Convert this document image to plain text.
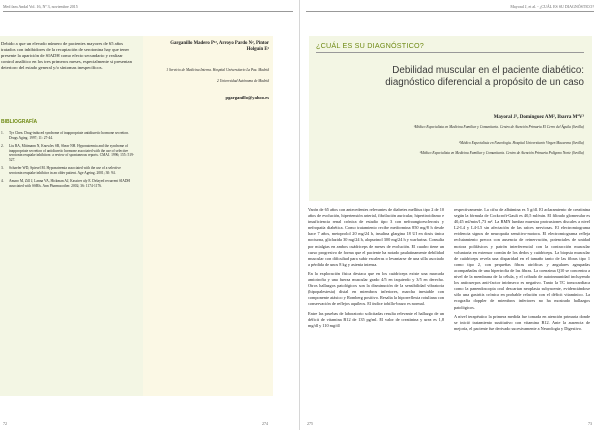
Med fam Andal Vol. 16, Nº 3, noviembre 2015
Debido a que un elevado número de pacientes mayores de 65 años tratados con inhibidores de la recaptación de serotonina hay que tener presente la aparición de SIADH como efecto secundario y realizar control analítico en los tres primeros meses, especialmente si presentan deterioro del estado general y/o síntomas inespecíficos.
BIBLIOGRAFÍA
1. Tyr Chen. Drug-induced syndrome of inappropriate antidiuretic hormone secretion. Drugs Aging. 1997; 11: 27-44.
2. Liu BA, Mittmann N, Knowles SR, Shear NH. Hyponatremia and the syndrome of inappropriate secretion of antidiuretic hormone associated with the use of selective serotonin reuptake inhibitors: a review of spontaneous reports. CMAJ. 1996; 155: 519-527.
3. Schaefer WD, Spiesel M. Hyponatremia associated with the use of a selective serotonin reuptake inhibitor in an older patient. Age Ageing. 2001; 30: 94.
4. Amaro M, Zill J, Lanna VA, Hickman AJ, Kassirer aly E. Delayed recurrent SIADH associated with SSRIs. Ann Pharmacother. 2002; 36: 1174-1176.
Garganillo Madero P¹², Arroyo Pardo N², Pintor Holguín E³
1 Servicio de Medicina Interna. Hospital Universitario La Paz. Madrid
2 Universidad Autónoma de Madrid
pgarganillo@yahoo.es
72	274
Mayoral J, et al. - ¿CUÁL ES SU DIAGNÓSTICO?
¿CUÁL ES SU DIAGNÓSTICO?
Debilidad muscular en el paciente diabético: diagnóstico diferencial a propósito de un caso
Mayoral J¹, Domínguez AM², Ibarra MªV³
¹Médico Especialista en Medicina Familiar y Comunitaria. Centro de Atención Primaria El Cerro del Águila (Sevilla)
²Médico Especialista en Neurología. Hospital Universitario Virgen Macarena (Sevilla)
³Médico Especialista en Medicina Familiar y Comunitaria. Centro de Atención Primaria Polígono Norte (Sevilla)

Varón de 65 años con antecedentes relevantes de diabetes mellitus tipo 2 de 10 años de evolución, hipertensión arterial, fibrilación auricular, hipertiroidismo e insuficiencia renal crónica de estadio tipo 3 con nefroangioesclerosis y nefropatía diabética. Como tratamiento recibe metformina 850 mg/8 h desde hace 7 años, metoprolol 20 mg/24 h, insulina glargina 18 UI en dosis única nocturna, gliclazida 30 mg/24 h, alopurinol 300 mg/24 h y warfarina. Consulta por mialgias en ambos cuádriceps de meses de evolución. El cuadro tiene un curso progresivo de forma que el paciente ha notado paulatinamente debilidad muscular con dificultad para subir escaleras o levantarse de una silla asociado a pérdida de unos 8 kg y astenia intensa.

En la exploración física destaca que en los cuádriceps existe una marcada amiotrofia y una fuerza muscular grado 4/5 en izquierdo y 3/5 en derecho. Otros hallazgos patológicos son la disminución de la sensibilidad vibratoria (hipopalestesia) distal en miembros inferiores, marcha inestable con componente atáxico y Romberg positivo. Resalta la hiporreflexia rotuliana con conservación de reflejos aquíleos. El índice tobillo-brazo es normal.

Entre las pruebas de laboratorio solicitadas resulta relevante el hallazgo de un déficit de vitamina B12 de 135 pg/ml. El valor de creatinina y urea es 1,8 mg/dl y 110 mg/dl

respectivamente. La cifra de albúmina es 5 g/dl. El aclaramiento de creatinina según la fórmula de Cockcroft-Gault es 40,5 ml/min. El filtrado glomerular es 40,45 ml/min/1,73 m². La RMN lumbar muestra protrusiones discales a nivel L2-L4 y L4-L5 sin afectación de las raíces nerviosas. El electromiograma evidencia signos de neuropatía sensitivo-motora. El electromiograma refleja reclutamiento precoz con ausencia de reinervación, potenciales de unidad motora polifásicos y patrón interferencial con la contracción muscular voluntaria en extensor común de los dedos y cuádriceps. La biopsia muscular de cuádriceps revela una disparidad en el tamaño tanto de las fibras tipo 1 como tipo 2, con pequeñas fibras atróficas y angulares agrupadas acompañadas de una hipertrofia de las fibras. La coenzima Q10 se concentra a nivel de la membrana de la célula, y el cribado de autoinmunidad incluyendo los anticuerpos anti-factor intrínseco es negativo. Tanto la TC tomocardiaca como la panendoscopia oral descartan neoplasia subyacente, evidenciándose sólo una gastritis crónica en probable relación con el déficit vitamínico. La ecografía doppler de miembros inferiores no ha mostrado hallazgos patológicos.

A nivel terapéutico la primera medida fue tomada en atención primaria donde se inició tratamiento sustitutivo con vitamina B12. Ante la ausencia de mejoría, el paciente fue derivado sucesivamente a Neurología y Digestivo.

275	73
